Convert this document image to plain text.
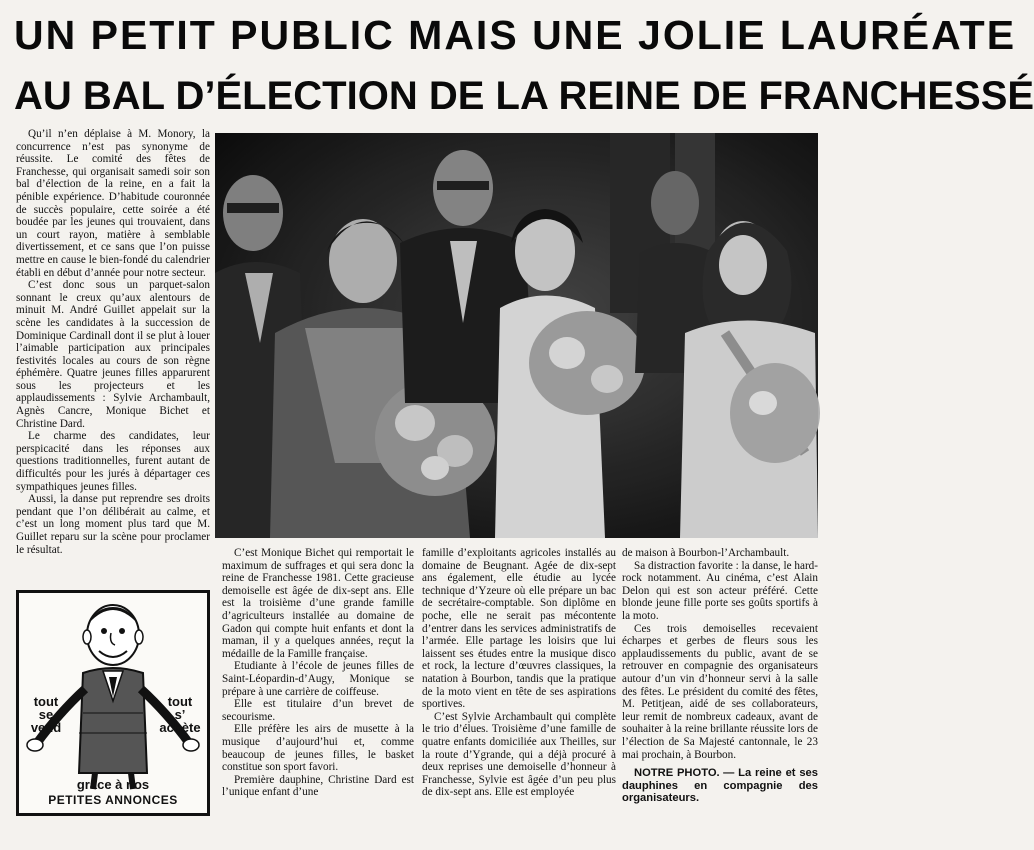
UN PETIT PUBLIC MAIS UNE JOLIE LAURÉATE
AU BAL D’ÉLECTION DE LA REINE DE FRANCHESSÉ

Qu’il n’en déplaise à M. Monory, la concurrence n’est pas synonyme de réussite. Le comité des fêtes de Franchesse, qui organisait samedi soir son bal d’élection de la reine, en a fait la pénible expérience. D’habitude couronnée de succès populaire, cette soirée a été boudée par les jeunes qui trouvaient, dans un court rayon, matière à semblable divertissement, et ce sans que l’on puisse mettre en cause le bien-fondé du calendrier établi en début d’année pour notre secteur.

C’est donc sous un parquet-salon sonnant le creux qu’aux alentours de minuit M. André Guillet appelait sur la scène les candidates à la succession de Dominique Cardinall dont il se plut à louer l’aimable participation aux principales festivités locales au cours de son règne éphémère. Quatre jeunes filles apparurent sous les projecteurs et les applaudissements : Sylvie Archambault, Agnès Cancre, Monique Bichet et Christine Dard.

Le charme des candidates, leur perspicacité dans les réponses aux questions traditionnelles, furent autant de difficultés pour les jurés à départager ces sympathiques jeunes filles.

Aussi, la danse put reprendre ses droits pendant que l’on délibérait au calme, et c’est un long moment plus tard que M. Guillet reparu sur la scène pour proclamer le résultat.	C’est Monique Bichet qui remportait le maximum de suffrages et qui sera donc la reine de Franchesse 1981. Cette gracieuse demoiselle est âgée de dix-sept ans. Elle est la troisième d’une grande famille d’agriculteurs installée au domaine de Gadon qui compte huit enfants et dont la maman, il y a quelques années, reçut la médaille de la Famille française.

Etudiante à l’école de jeunes filles de Saint-Léopardin-d’Augy, Monique se prépare à une carrière de coiffeuse.

Elle est titulaire d’un brevet de secourisme.

Elle préfère les airs de musette à la musique d’aujourd’hui et, comme beaucoup de jeunes filles, le basket constitue son sport favori.

Première dauphine, Christine Dard est l’unique enfant d’une

famille d’exploitants agricoles installés au domaine de Beugnant. Agée de dix-sept ans également, elle étudie au lycée technique d’Yzeure où elle prépare un bac de secrétaire-comptable. Son diplôme en poche, elle ne serait pas mécontente d’entrer dans les services administratifs de l’armée. Elle partage les loisirs que lui laissent ses études entre la musique disco et rock, la lecture d’œuvres classiques, la natation à Bourbon, tandis que la pratique de la moto vient en tête de ses aspirations sportives.

C’est Sylvie Archambault qui complète le trio d’élues. Troisième d’une famille de quatre enfants domiciliée aux Theilles, sur la route d’Ygrande, qui a déjà procuré à deux reprises une demoiselle d’honneur à Franchesse, Sylvie est âgée d’un peu plus de dix-sept ans. Elle est employée

de maison à Bourbon-l’Archambault.

Sa distraction favorite : la danse, le hard-rock notamment. Au cinéma, c’est Alain Delon qui est son acteur préféré. Cette blonde jeune fille porte ses goûts sportifs à la moto.

Ces trois demoiselles recevaient écharpes et gerbes de fleurs sous les applaudissements du public, avant de se retrouver en compagnie des organisateurs autour d’un vin d’honneur servi à la salle des fêtes. Le président du comité des fêtes, M. Petitjean, aidé de ses collaborateurs, leur remit de nombreux cadeaux, avant de souhaiter à la reine brillante réussite lors de l’élection de Sa Majesté cantonnale, le 23 mai prochain, à Bourbon.

NOTRE PHOTO. — La reine et ses dauphines en compagnie des organisateurs.

tout
se
vend
tout
s’
achète
grâce à nos
PETITES ANNONCES
